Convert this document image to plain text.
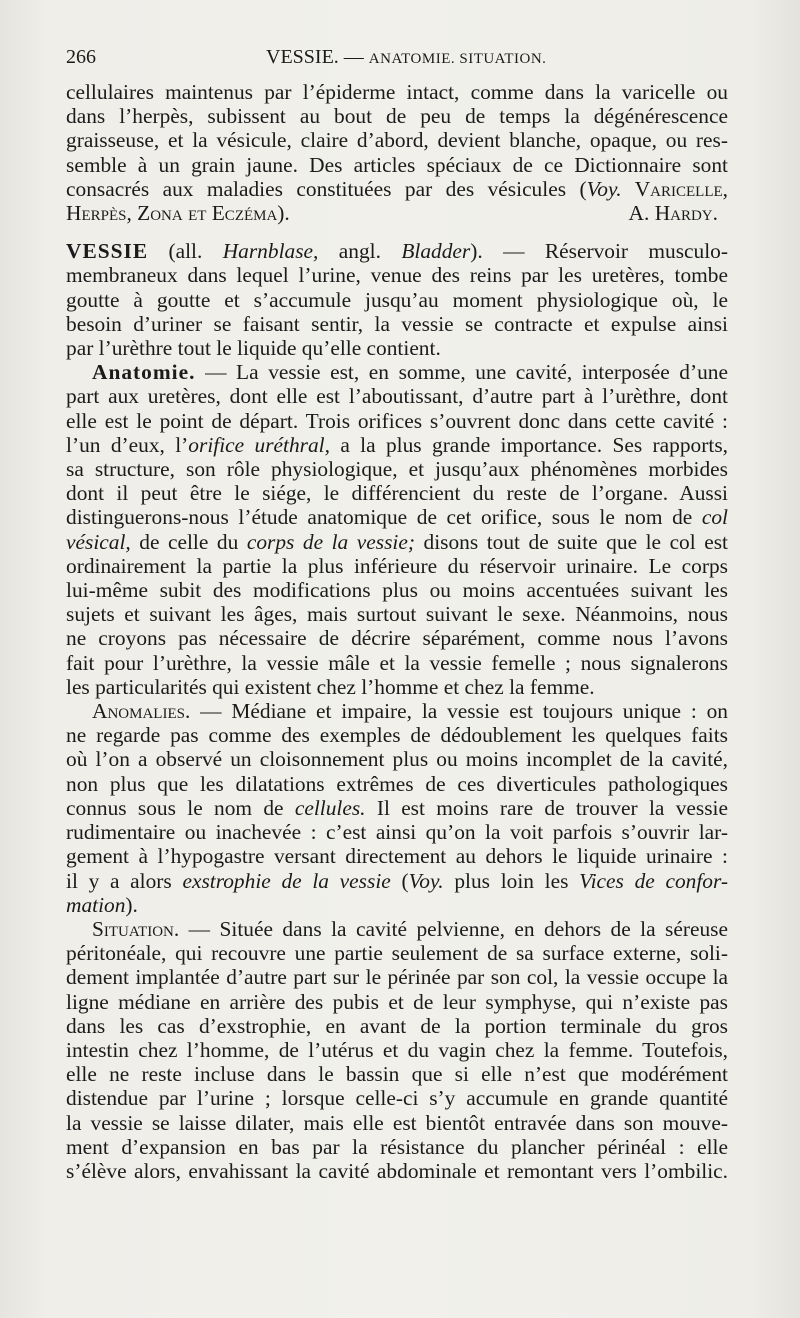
266	VESSIE. — ANATOMIE. SITUATION.
cellulaires maintenus par l’épiderme intact, comme dans la varicelle ou
dans l’herpès, subissent au bout de peu de temps la dégénérescence
graisseuse, et la vésicule, claire d’abord, devient blanche, opaque, ou res-
semble à un grain jaune. Des articles spéciaux de ce Dictionnaire sont
consacrés aux maladies constituées par des vésicules (Voy. Varicelle,
Herpès, Zona et Eczéma).	A. Hardy.
VESSIE (all. Harnblase, angl. Bladder). — Réservoir musculo-
membraneux dans lequel l’urine, venue des reins par les uretères, tombe
goutte à goutte et s’accumule jusqu’au moment physiologique où, le
besoin d’uriner se faisant sentir, la vessie se contracte et expulse ainsi
par l’urèthre tout le liquide qu’elle contient.
Anatomie. — La vessie est, en somme, une cavité, interposée d’une
part aux uretères, dont elle est l’aboutissant, d’autre part à l’urèthre, dont
elle est le point de départ. Trois orifices s’ouvrent donc dans cette cavité :
l’un d’eux, l’orifice uréthral, a la plus grande importance. Ses rapports,
sa structure, son rôle physiologique, et jusqu’aux phénomènes morbides
dont il peut être le siége, le différencient du reste de l’organe. Aussi
distinguerons-nous l’étude anatomique de cet orifice, sous le nom de col
vésical, de celle du corps de la vessie; disons tout de suite que le col est
ordinairement la partie la plus inférieure du réservoir urinaire. Le corps
lui-même subit des modifications plus ou moins accentuées suivant les
sujets et suivant les âges, mais surtout suivant le sexe. Néanmoins, nous
ne croyons pas nécessaire de décrire séparément, comme nous l’avons
fait pour l’urèthre, la vessie mâle et la vessie femelle ; nous signalerons
les particularités qui existent chez l’homme et chez la femme.
Anomalies. — Médiane et impaire, la vessie est toujours unique : on
ne regarde pas comme des exemples de dédoublement les quelques faits
où l’on a observé un cloisonnement plus ou moins incomplet de la cavité,
non plus que les dilatations extrêmes de ces diverticules pathologiques
connus sous le nom de cellules. Il est moins rare de trouver la vessie
rudimentaire ou inachevée : c’est ainsi qu’on la voit parfois s’ouvrir lar-
gement à l’hypogastre versant directement au dehors le liquide urinaire :
il y a alors exstrophie de la vessie (Voy. plus loin les Vices de confor-
mation).
Situation. — Située dans la cavité pelvienne, en dehors de la séreuse
péritonéale, qui recouvre une partie seulement de sa surface externe, soli-
dement implantée d’autre part sur le périnée par son col, la vessie occupe la
ligne médiane en arrière des pubis et de leur symphyse, qui n’existe pas
dans les cas d’exstrophie, en avant de la portion terminale du gros
intestin chez l’homme, de l’utérus et du vagin chez la femme. Toutefois,
elle ne reste incluse dans le bassin que si elle n’est que modérément
distendue par l’urine ; lorsque celle-ci s’y accumule en grande quantité
la vessie se laisse dilater, mais elle est bientôt entravée dans son mouve-
ment d’expansion en bas par la résistance du plancher périnéal : elle
s’élève alors, envahissant la cavité abdominale et remontant vers l’ombilic.
